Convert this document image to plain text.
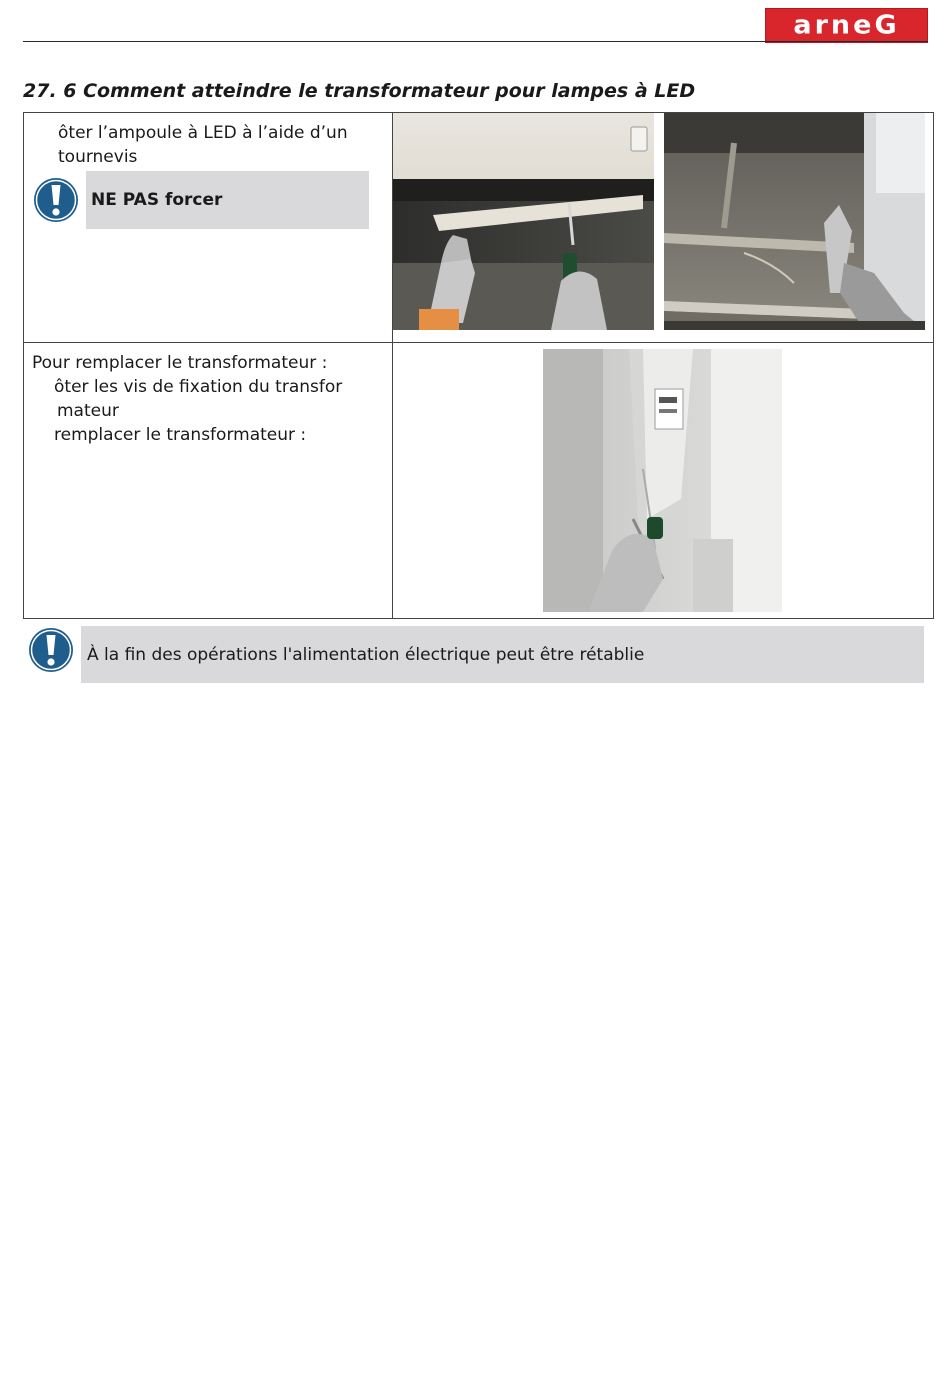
arneG
27. 6 Comment atteindre le transformateur pour lampes à LED
ôter l’ampoule à LED à l’aide d’un
tournevis
NE PAS forcer

Pour remplacer le transformateur :
ôter les vis de fixation du transfor
mateur
remplacer le transformateur :

À la fin des opérations l'alimentation électrique peut être rétablie
